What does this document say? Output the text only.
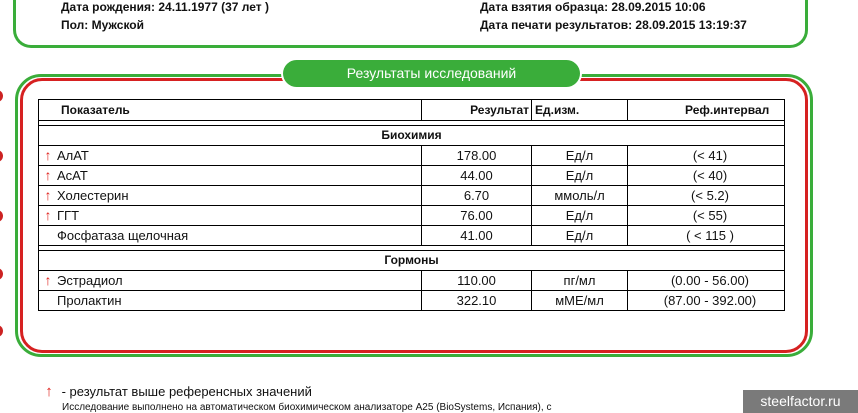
Дата рождения: 24.11.1977 (37 лет )
Пол: Мужской
Дата взятия образца: 28.09.2015 10:06
Дата печати результатов: 28.09.2015 13:19:37
Результаты исследований
Показатель	Результат	Ед.изм.	Реф.интервал

Биохимия			

↑ АлАТ	178.00	Ед/л	(< 41)

↑ АсАТ	44.00	Ед/л	(< 40)

↑ Холестерин	6.70	ммоль/л	(< 5.2)

↑ ГГТ	76.00	Ед/л	(< 55)

Фосфатаза щелочная	41.00	Ед/л	( < 115 )

Гормоны			

↑ Эстрадиол	110.00	пг/мл	(0.00 - 56.00)

Пролактин	322.10	мМЕ/мл	(87.00 - 392.00)
↑ - результат выше референсных значений
Исследование выполнено на автоматическом биохимическом анализаторе A25 (BioSystems, Испания), с	steelfactor.ru
